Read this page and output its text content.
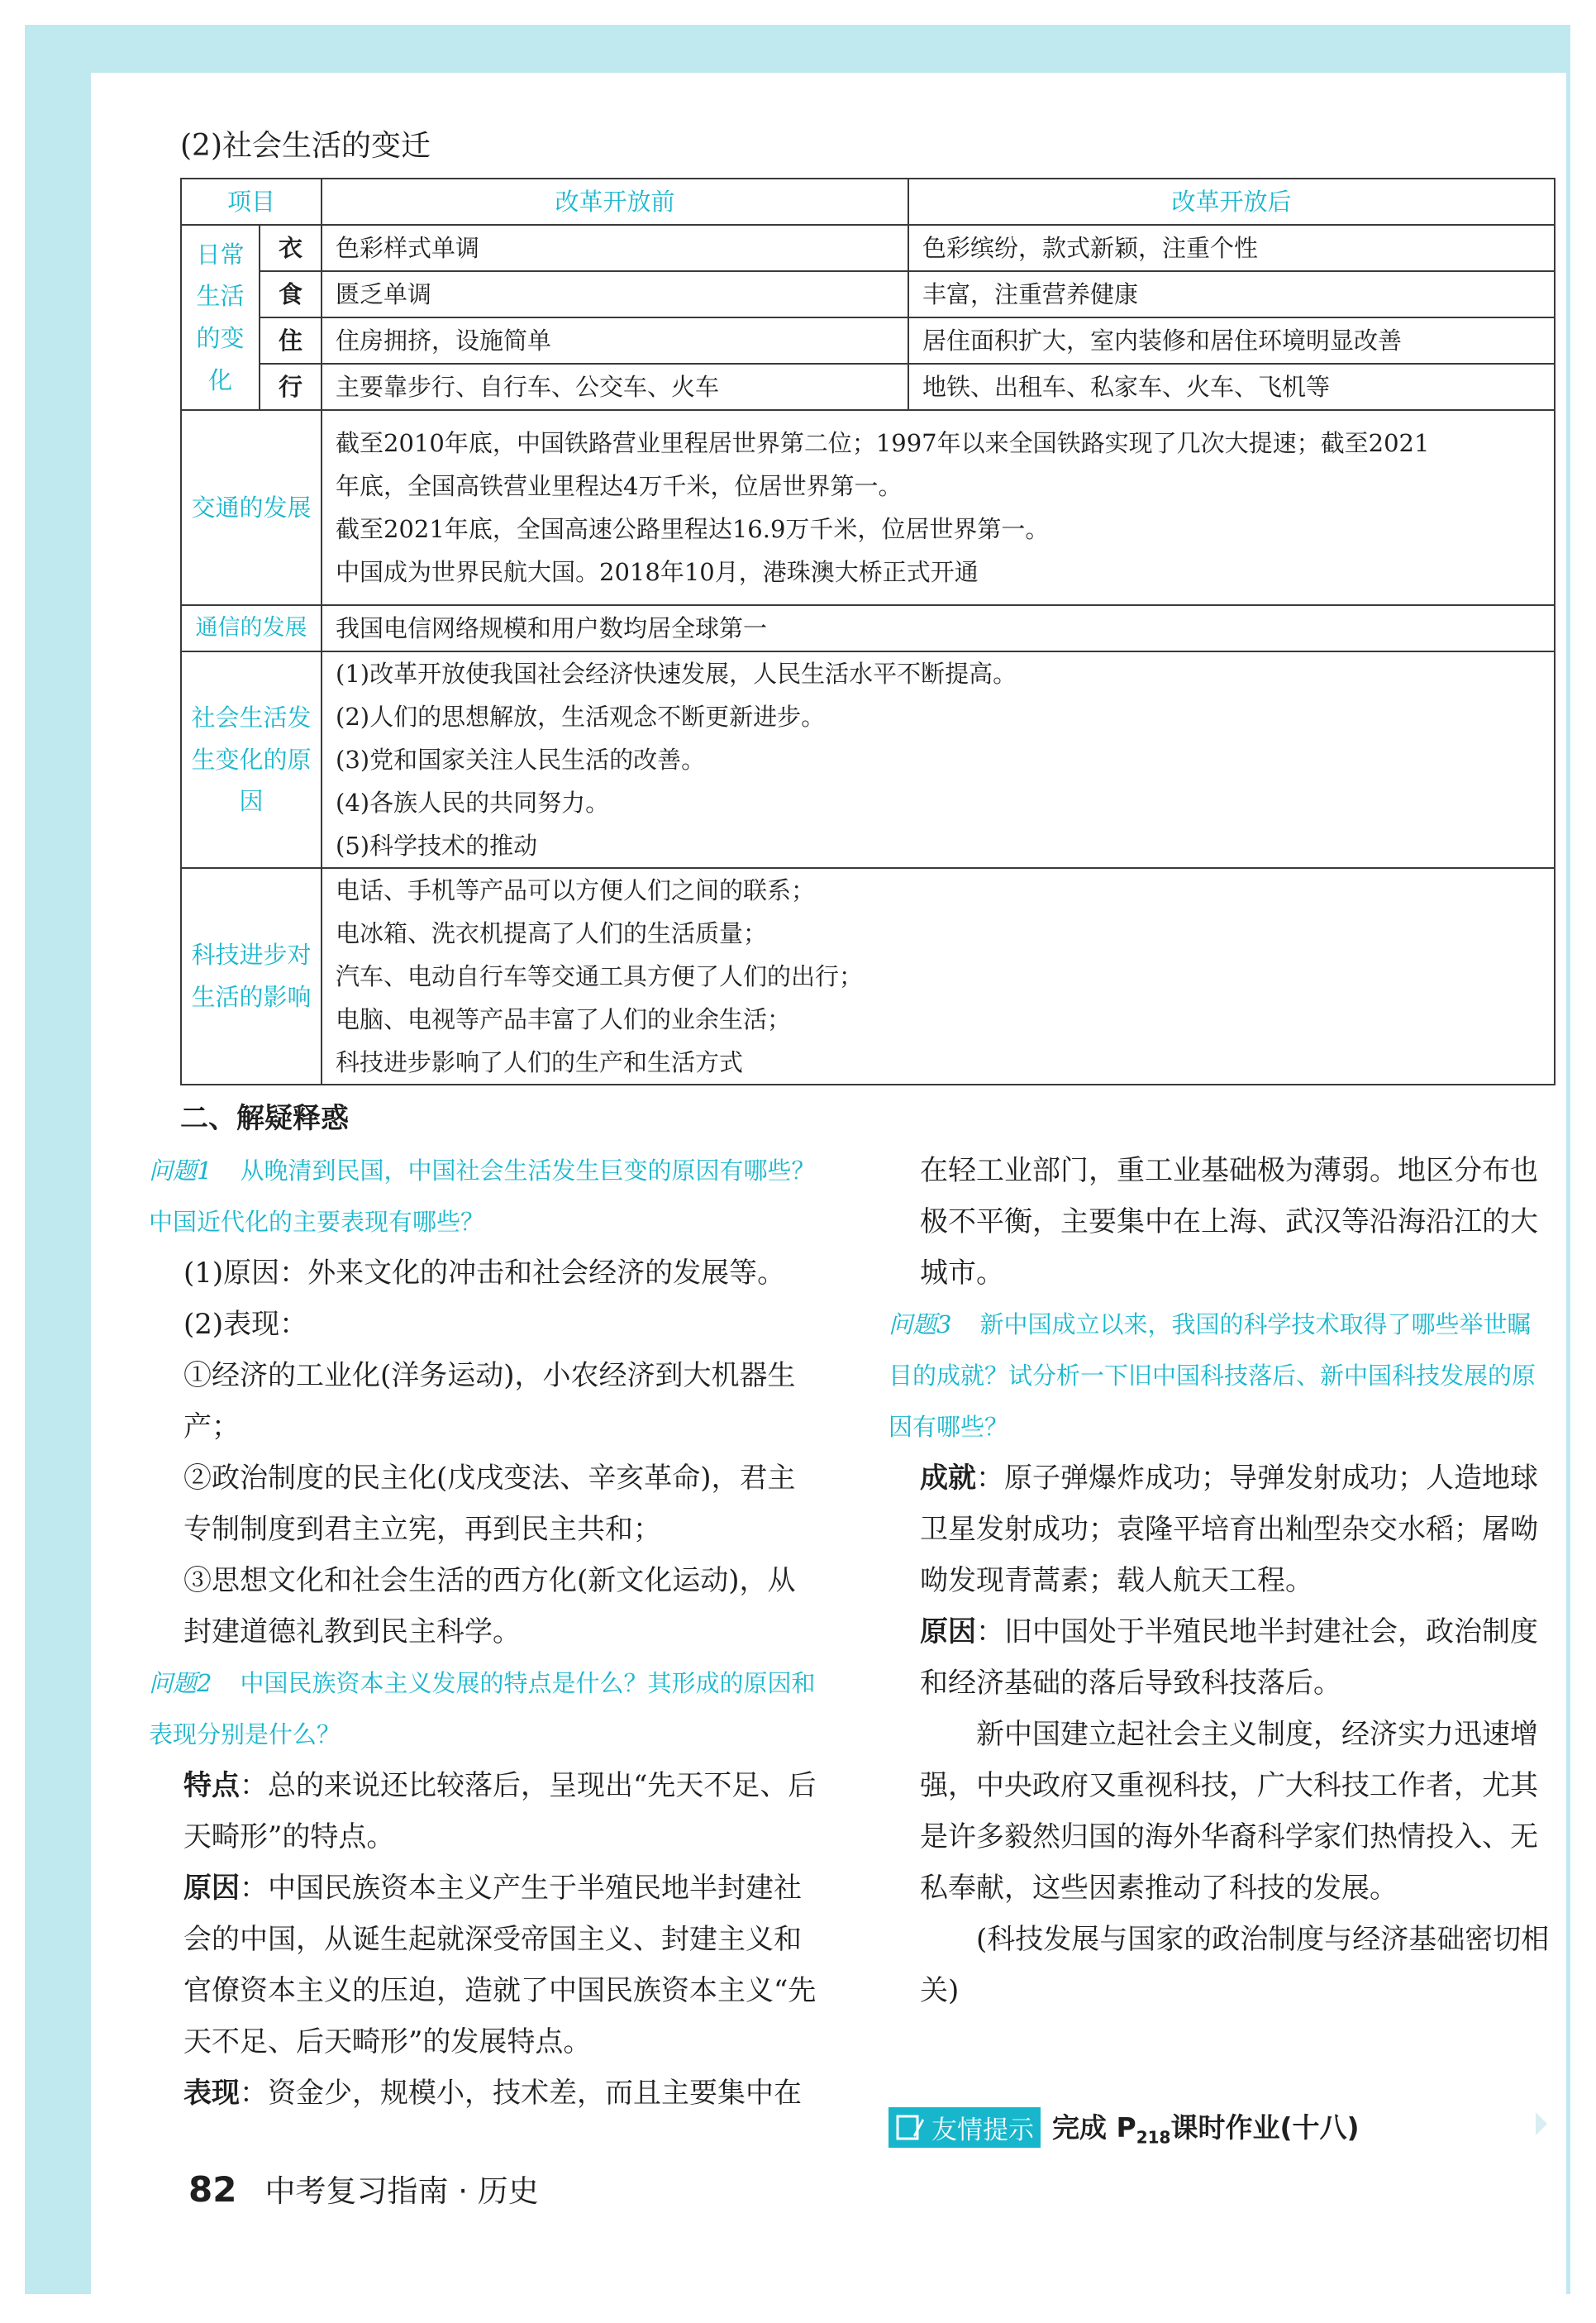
(2)社会生活的变迁
项目		改革开放前	改革开放后
日常生活的变化	衣	色彩样式单调	色彩缤纷，款式新颖，注重个性
	食	匮乏单调	丰富，注重营养健康
	住	住房拥挤，设施简单	居住面积扩大，室内装修和居住环境明显改善
	行	主要靠步行、自行车、公交车、火车	地铁、出租车、私家车、火车、飞机等
交通的发展		截至2010年底，中国铁路营业里程居世界第二位；1997年以来全国铁路实现了几次大提速；截至2021
年底，全国高铁营业里程达4万千米，位居世界第一。
截至2021年底，全国高速公路里程达16.9万千米，位居世界第一。
中国成为世界民航大国。2018年10月，港珠澳大桥正式开通	

通信的发展		我国电信网络规模和用户数均居全球第一	
社会生活发生变化的原因		(1)改革开放使我国社会经济快速发展，人民生活水平不断提高。
(2)人们的思想解放，生活观念不断更新进步。
(3)党和国家关注人民生活的改善。
(4)各族人民的共同努力。
(5)科学技术的推动	

科技进步对生活的影响		电话、手机等产品可以方便人们之间的联系；
电冰箱、洗衣机提高了人们的生活质量；
汽车、电动自行车等交通工具方便了人们的出行；
电脑、电视等产品丰富了人们的业余生活；
科技进步影响了人们的生产和生活方式	
二、解疑释惑
问题1 从晚清到民国，中国社会生活发生巨变的原因有哪些？中国近代化的主要表现有哪些？

(1)原因：外来文化的冲击和社会经济的发展等。

(2)表现：

①经济的工业化(洋务运动)，小农经济到大机器生产；

②政治制度的民主化(戊戌变法、辛亥革命)，君主专制制度到君主立宪，再到民主共和；

③思想文化和社会生活的西方化(新文化运动)，从封建道德礼教到民主科学。

问题2 中国民族资本主义发展的特点是什么？其形成的原因和表现分别是什么？

特点：总的来说还比较落后，呈现出“先天不足、后天畸形”的特点。

原因：中国民族资本主义产生于半殖民地半封建社会的中国，从诞生起就深受帝国主义、封建主义和官僚资本主义的压迫，造就了中国民族资本主义“先天不足、后天畸形”的发展特点。

表现：资金少，规模小，技术差，而且主要集中在

在轻工业部门，重工业基础极为薄弱。地区分布也极不平衡，主要集中在上海、武汉等沿海沿江的大城市。

问题3 新中国成立以来，我国的科学技术取得了哪些举世瞩目的成就？试分析一下旧中国科技落后、新中国科技发展的原因有哪些？

成就：原子弹爆炸成功；导弹发射成功；人造地球卫星发射成功；袁隆平培育出籼型杂交水稻；屠呦呦发现青蒿素；载人航天工程。

原因：旧中国处于半殖民地半封建社会，政治制度和经济基础的落后导致科技落后。

新中国建立起社会主义制度，经济实力迅速增强，中央政府又重视科技，广大科技工作者，尤其是许多毅然归国的海外华裔科学家们热情投入、无私奉献，这些因素推动了科技的发展。

(科技发展与国家的政治制度与经济基础密切相关)

友情提示 完成 $P_{218}$课时作业(十八)
82 中考复习指南 · 历史
